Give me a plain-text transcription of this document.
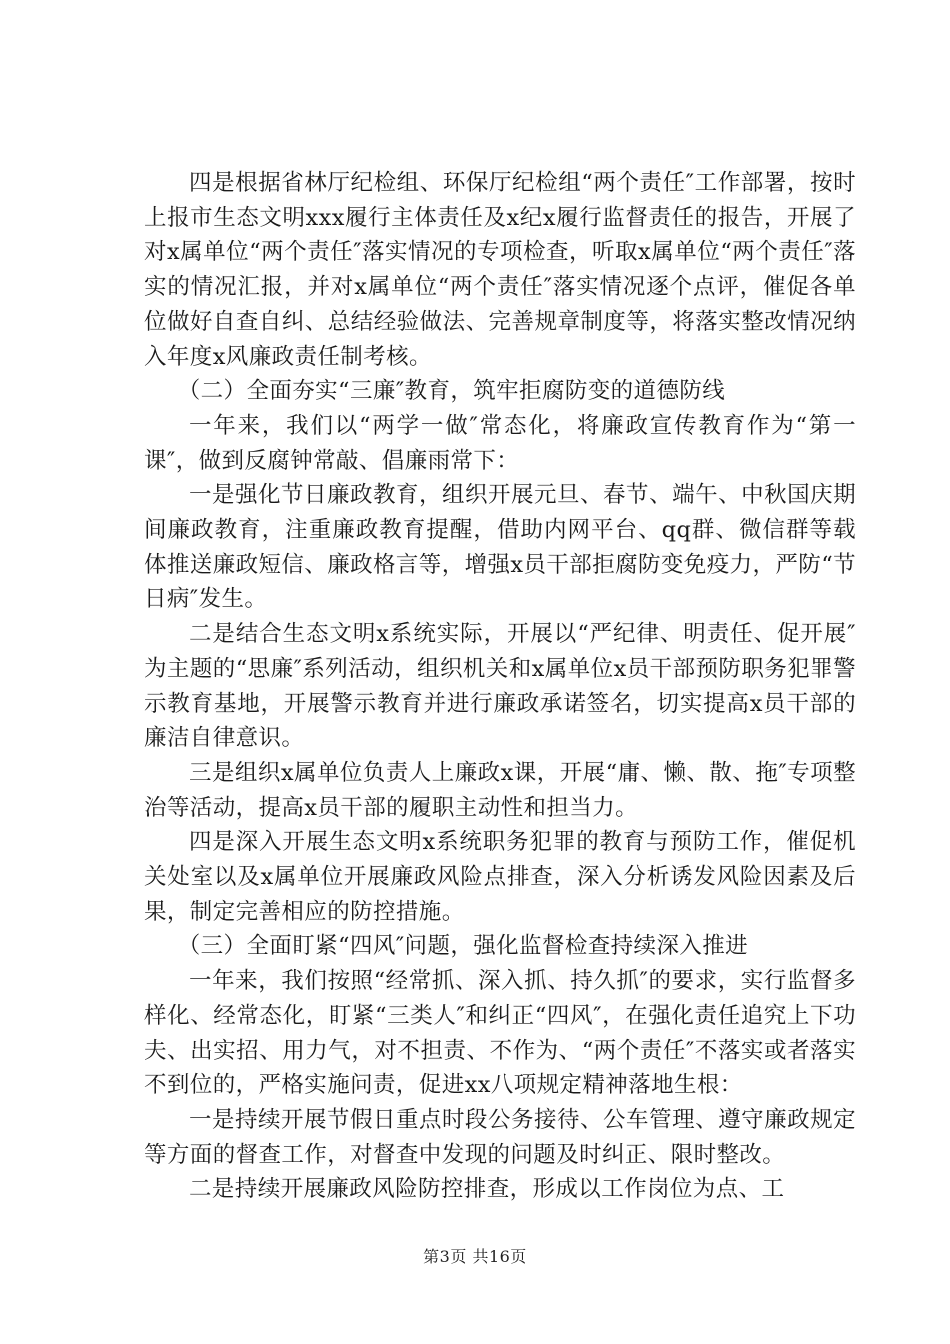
四是根据省林厅纪检组、环保厅纪检组“两个责任″工作部署，按时上报市生态文明xxx履行主体责任及x纪x履行监督责任的报告，开展了对x属单位“两个责任″落实情况的专项检查，听取x属单位“两个责任″落实的情况汇报，并对x属单位“两个责任″落实情况逐个点评，催促各单位做好自查自纠、总结经验做法、完善规章制度等，将落实整改情况纳入年度x风廉政责任制考核。

（二）全面夯实“三廉″教育，筑牢拒腐防变的道德防线

一年来，我们以“两学一做″常态化，将廉政宣传教育作为“第一课″，做到反腐钟常敲、倡廉雨常下：

一是强化节日廉政教育，组织开展元旦、春节、端午、中秋国庆期间廉政教育，注重廉政教育提醒，借助内网平台、qq群、微信群等载体推送廉政短信、廉政格言等，增强x员干部拒腐防变免疫力，严防“节日病″发生。

二是结合生态文明x系统实际，开展以“严纪律、明责任、促开展″为主题的“思廉″系列活动，组织机关和x属单位x员干部预防职务犯罪警示教育基地，开展警示教育并进行廉政承诺签名，切实提高x员干部的廉洁自律意识。

三是组织x属单位负责人上廉政x课，开展“庸、懒、散、拖″专项整治等活动，提高x员干部的履职主动性和担当力。

四是深入开展生态文明x系统职务犯罪的教育与预防工作，催促机关处室以及x属单位开展廉政风险点排查，深入分析诱发风险因素及后果，制定完善相应的防控措施。

（三）全面盯紧“四风″问题，强化监督检查持续深入推进

一年来，我们按照“经常抓、深入抓、持久抓″的要求，实行监督多样化、经常态化，盯紧“三类人″和纠正“四风″，在强化责任追究上下功夫、出实招、用力气，对不担责、不作为、“两个责任″不落实或者落实不到位的，严格实施问责，促进xx八项规定精神落地生根：

一是持续开展节假日重点时段公务接待、公车管理、遵守廉政规定等方面的督查工作，对督查中发现的问题及时纠正、限时整改。

二是持续开展廉政风险防控排查，形成以工作岗位为点、工

第3页 共16页
